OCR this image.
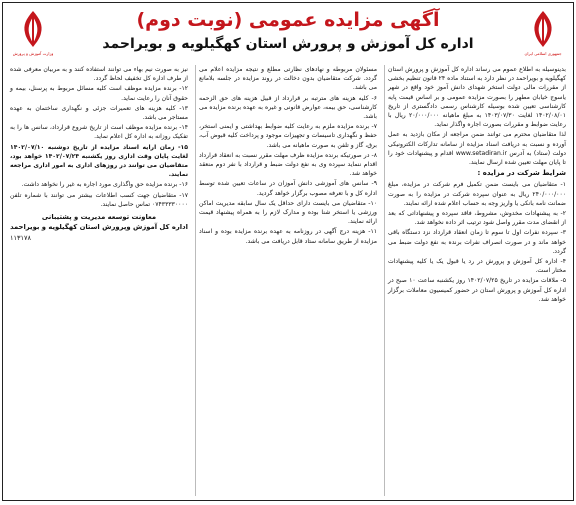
جمهوری اسلامی ایران
آگهی مزایده عمومی (نوبت دوم)
اداره کل آموزش و پرورش استان کهگیلویه و بویراحمد
وزارت آموزش و پرورش

بدینوسیله به اطلاع عموم می رساند اداره کل آموزش و پرورش استان کهگیلویه و بویراحمد در نظر دارد به استناد ماده ۲۴ قانون تنظیم بخشی از مقررات مالی دولت استخر شهدای دانش آموز خود واقع در شهر یاسوج خیابان مطهر را بصورت مزایده عمومی و بر اساس قیمت پایه کارشناسی تعیین شده بوسیله کارشناس رسمی دادگستری از تاریخ ۱۴۰۲/۰۸/۰۱ لغایت ۱۴۰۳/۰۷/۳۰ به مبلغ ماهیانه ۲۰/۰۰۰/۰۰۰ ریال با رعایت ضوابط و مقررات بصورت اجاره واگذار نماید.

لذا متقاضیان محترم می توانند ضمن مراجعه از مکان بازدید به عمل آورده و نسبت به دریافت اسناد مزایده از سامانه تدارکات الکترونیکی دولت (ستاد) به آدرس www.setadiran.ir اقدام و پیشنهادات خود را تا پایان مهلت تعیین شده ارسال نمایند.

شرایط شرکت در مزایده :

۱- متقاضیان می بایست ضمن تکمیل فرم شرکت در مزایده، مبلغ ۲۴۰/۰۰۰/۰۰۰ ریال به عنوان سپرده شرکت در مزایده را به صورت ضمانت نامه بانکی یا واریز وجه به حساب اعلام شده ارائه نمایند.

۲- به پیشنهادات مخدوش، مشروط، فاقد سپرده و پیشنهاداتی که بعد از انقضای مدت مقرر واصل شود ترتیب اثر داده نخواهد شد.

۳- سپرده نفرات اول تا سوم تا زمان انعقاد قرارداد نزد دستگاه باقی خواهد ماند و در صورت انصراف نفرات برنده به نفع دولت ضبط می گردد.

۴- اداره کل آموزش و پرورش در رد یا قبول یک یا کلیه پیشنهادات مختار است.

۵- ملاقات مزایده در تاریخ ۱۴۰۲/۰۷/۲۵ روز یکشنبه ساعت ۱۰ صبح در اداره کل آموزش و پرورش استان در حضور کمیسیون معاملات برگزار خواهد شد.

مسئولان مربوطه و نهادهای نظارتی مطلع و نتیجه مزایده اعلام می گردد. شرکت متقاضیان بدون دخالت در روند مزایده در جلسه بلامانع می باشد.

۶- کلیه هزینه های مترتبه بر قرارداد از قبیل هزینه های حق الزحمه کارشناسی، حق بیمه، عوارض قانونی و غیره به عهده برنده مزایده می باشد.

۷- برنده مزایده ملزم به رعایت کلیه ضوابط بهداشتی و ایمنی استخر، حفظ و نگهداری تاسیسات و تجهیزات موجود و پرداخت کلیه قبوض آب، برق، گاز و تلفن به صورت ماهیانه می باشد.

۸- در صورتیکه برنده مزایده ظرف مهلت مقرر نسبت به انعقاد قرارداد اقدام ننماید سپرده وی به نفع دولت ضبط و قرارداد با نفر دوم منعقد خواهد شد.

۹- سانس های آموزشی دانش آموزان در ساعات تعیین شده توسط اداره کل و با تعرفه مصوب برگزار خواهد گردید.

۱۰- متقاضیان می بایست دارای حداقل یک سال سابقه مدیریت اماکن ورزشی یا استخر شنا بوده و مدارک لازم را به همراه پیشنهاد قیمت ارائه نمایند.

۱۱- هزینه درج آگهی در روزنامه به عهده برنده مزایده بوده و اسناد مزایده از طریق سامانه ستاد قابل دریافت می باشد.

نیز به صورت نیم بهاء می توانند استفاده کنند و به مربیان معرفی شده از طرف اداره کل تخفیف لحاظ گردد.

۱۲- برنده مزایده موظف است کلیه مسائل مربوط به پرسنل، بیمه و حقوق آنان را رعایت نماید.

۱۳- کلیه هزینه های تعمیرات جزئی و نگهداری ساختمان به عهده مستاجر می باشد.

۱۴- برنده مزایده موظف است از تاریخ شروع قرارداد، سانس ها را به تفکیک روزانه به اداره کل اعلام نماید.

۱۵- زمان ارایه اسناد مزایده از تاریخ دوشنبه ۱۴۰۲/۰۷/۱۰ لغایت پایان وقت اداری روز یکشنبه ۱۴۰۲/۰۷/۲۴ خواهد بود، متقاضیان می توانند در روزهای اداری به امور اداری مراجعه نمایند.

۱۶- برنده مزایده حق واگذاری مورد اجاره به غیر را نخواهد داشت.

۱۷- متقاضیان جهت کسب اطلاعات بیشتر می توانند با شماره تلفن ۰۷۴۳۳۳۳۰۰۰۰ تماس حاصل نمایند.

معاونت توسعه مدیریت و پشتیبانی
اداره کل آموزش وپرورش استان کهگیلویه و بویراحمد
۱۱۳۱۷۸
